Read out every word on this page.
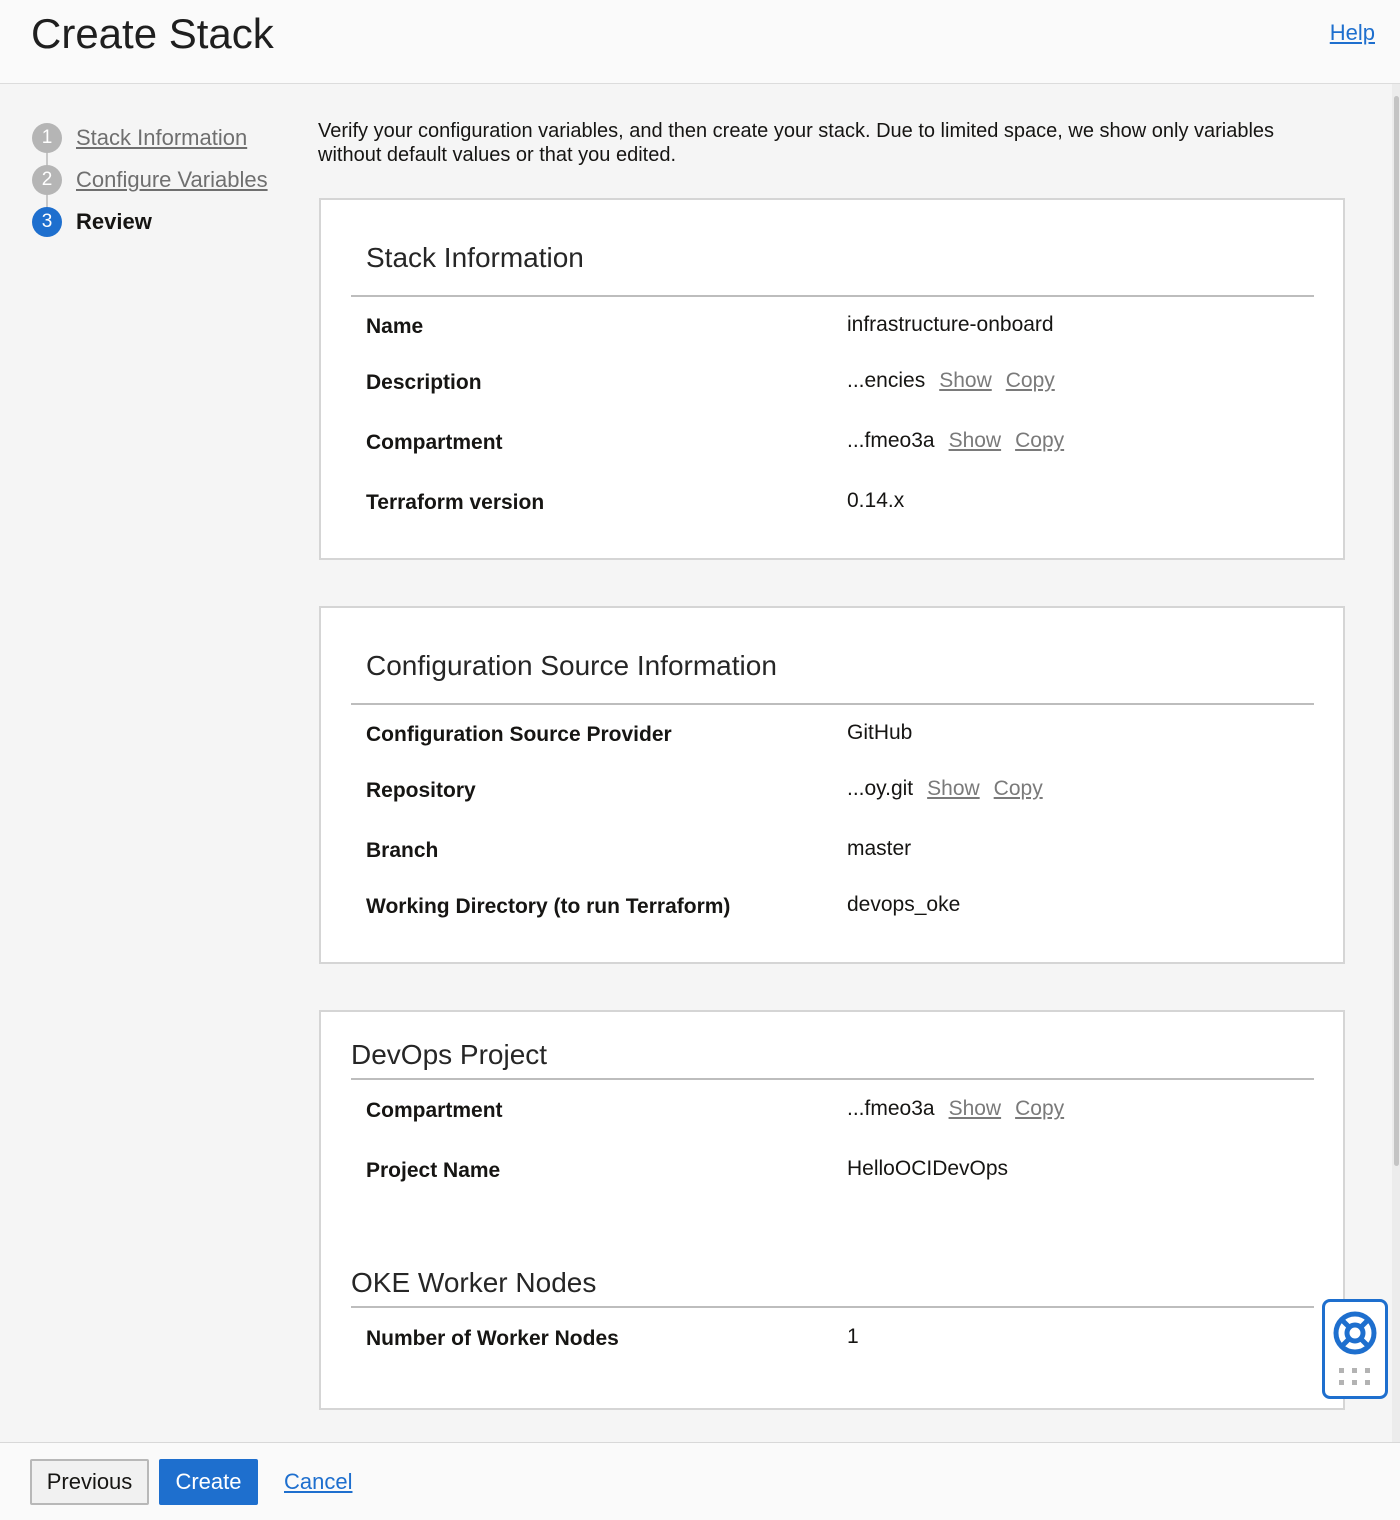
Create Stack	Help
1	Stack Information
2	Configure Variables
3	Review
Verify your configuration variables, and then create your stack. Due to limited space, we show only variables without default values or that you edited.
Stack Information
Name	infrastructure-onboard
Description	...encies Show Copy
Compartment	...fmeo3a Show Copy
Terraform version	0.14.x
Configuration Source Information
Configuration Source Provider	GitHub
Repository	...oy.git Show Copy
Branch	master
Working Directory (to run Terraform)	devops_oke
DevOps Project
Compartment	...fmeo3a Show Copy
Project Name	HelloOCIDevOps
OKE Worker Nodes
Number of Worker Nodes	1
Previous	Create	Cancel
